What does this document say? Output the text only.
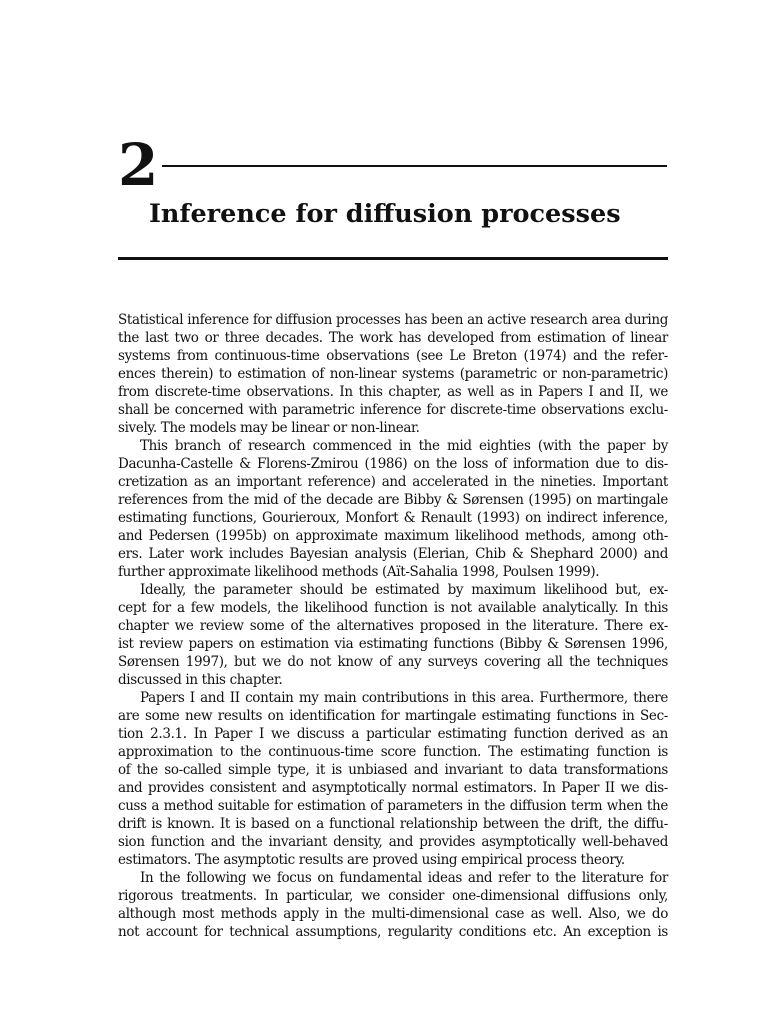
2
Inference for diffusion processes
Statistical inference for diffusion processes has been an active research area during
the last two or three decades. The work has developed from estimation of linear
systems from continuous-time observations (see Le Breton (1974) and the refer-
ences therein) to estimation of non-linear systems (parametric or non-parametric)
from discrete-time observations. In this chapter, as well as in Papers I and II, we
shall be concerned with parametric inference for discrete-time observations exclu-
sively. The models may be linear or non-linear.
This branch of research commenced in the mid eighties (with the paper by
Dacunha-Castelle & Florens-Zmirou (1986) on the loss of information due to dis-
cretization as an important reference) and accelerated in the nineties. Important
references from the mid of the decade are Bibby & Sørensen (1995) on martingale
estimating functions, Gourieroux, Monfort & Renault (1993) on indirect inference,
and Pedersen (1995b) on approximate maximum likelihood methods, among oth-
ers. Later work includes Bayesian analysis (Elerian, Chib & Shephard 2000) and
further approximate likelihood methods (Aït-Sahalia 1998, Poulsen 1999).
Ideally, the parameter should be estimated by maximum likelihood but, ex-
cept for a few models, the likelihood function is not available analytically. In this
chapter we review some of the alternatives proposed in the literature. There ex-
ist review papers on estimation via estimating functions (Bibby & Sørensen 1996,
Sørensen 1997), but we do not know of any surveys covering all the techniques
discussed in this chapter.
Papers I and II contain my main contributions in this area. Furthermore, there
are some new results on identification for martingale estimating functions in Sec-
tion 2.3.1. In Paper I we discuss a particular estimating function derived as an
approximation to the continuous-time score function. The estimating function is
of the so-called simple type, it is unbiased and invariant to data transformations
and provides consistent and asymptotically normal estimators. In Paper II we dis-
cuss a method suitable for estimation of parameters in the diffusion term when the
drift is known. It is based on a functional relationship between the drift, the diffu-
sion function and the invariant density, and provides asymptotically well-behaved
estimators. The asymptotic results are proved using empirical process theory.
In the following we focus on fundamental ideas and refer to the literature for
rigorous treatments. In particular, we consider one-dimensional diffusions only,
although most methods apply in the multi-dimensional case as well. Also, we do
not account for technical assumptions, regularity conditions etc. An exception is
